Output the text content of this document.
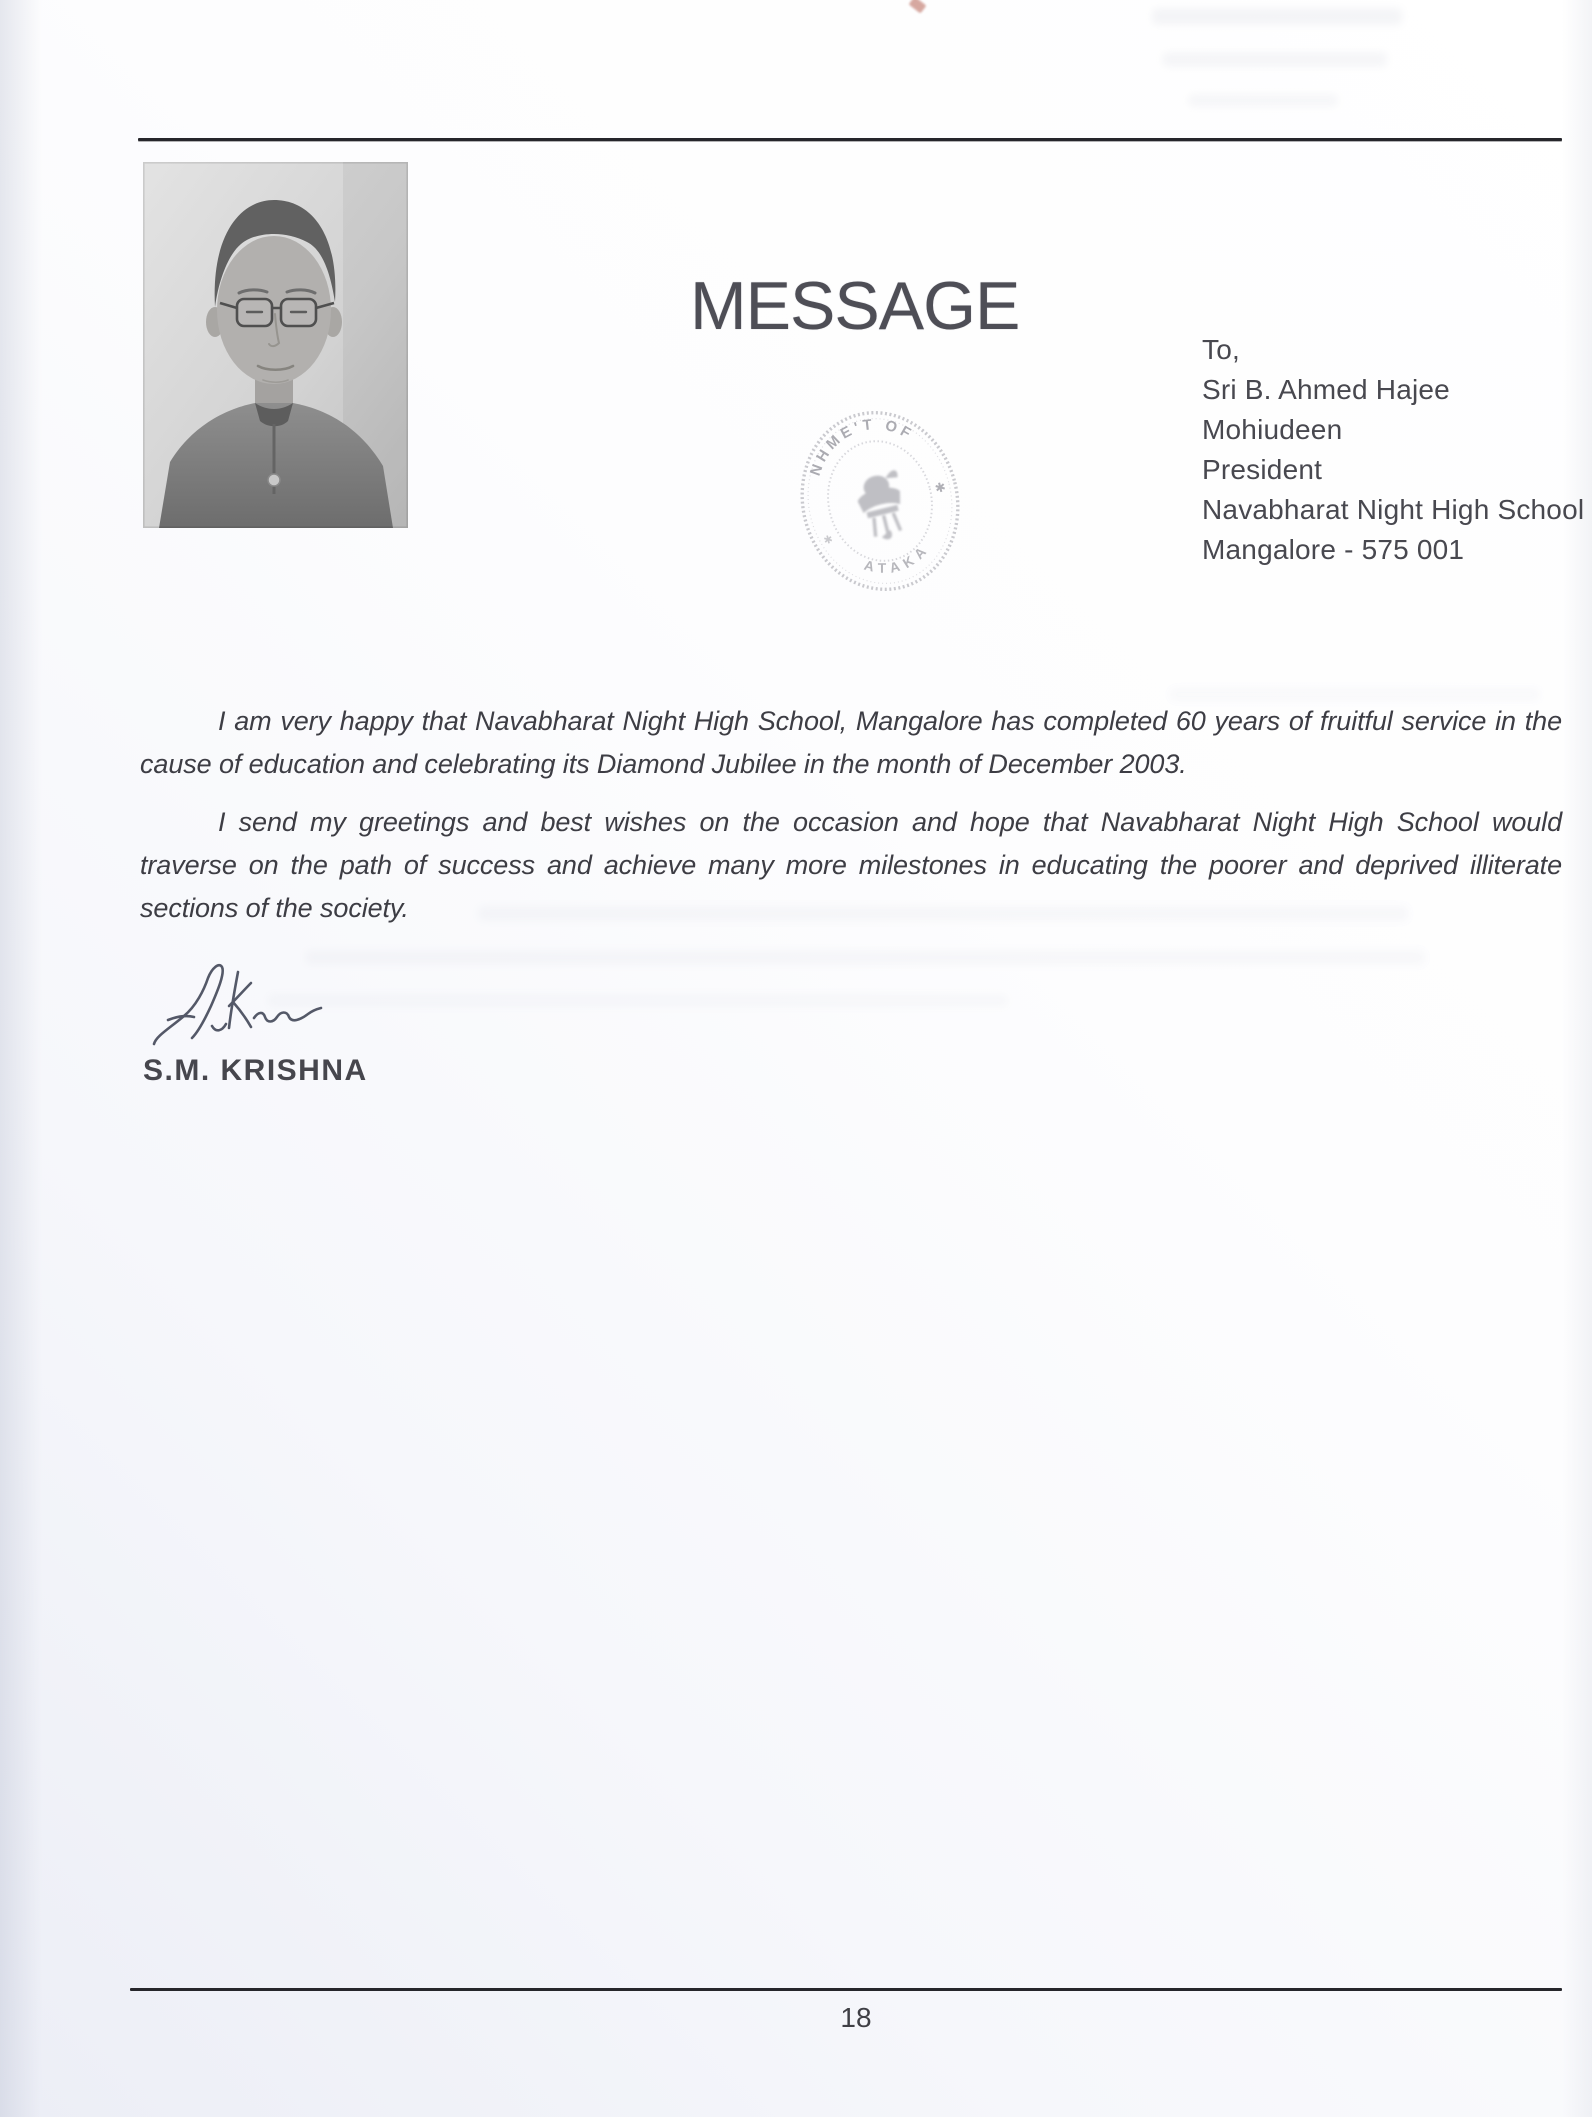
MESSAGE
NHME'T OF
ATAKA
✱
✱
To,
Sri B. Ahmed Hajee Mohiudeen
President
Navabharat Night High School
Mangalore - 575 001

I am very happy that Navabharat Night High School, Mangalore has completed 60 years of fruitful service in the cause of education and celebrating its Diamond Jubilee in the month of December 2003.

I send my greetings and best wishes on the occasion and hope that Navabharat Night High School would traverse on the path of success and achieve many more milestones in educating the poorer and deprived illiterate sections of the society.

S.M. KRISHNA
18
